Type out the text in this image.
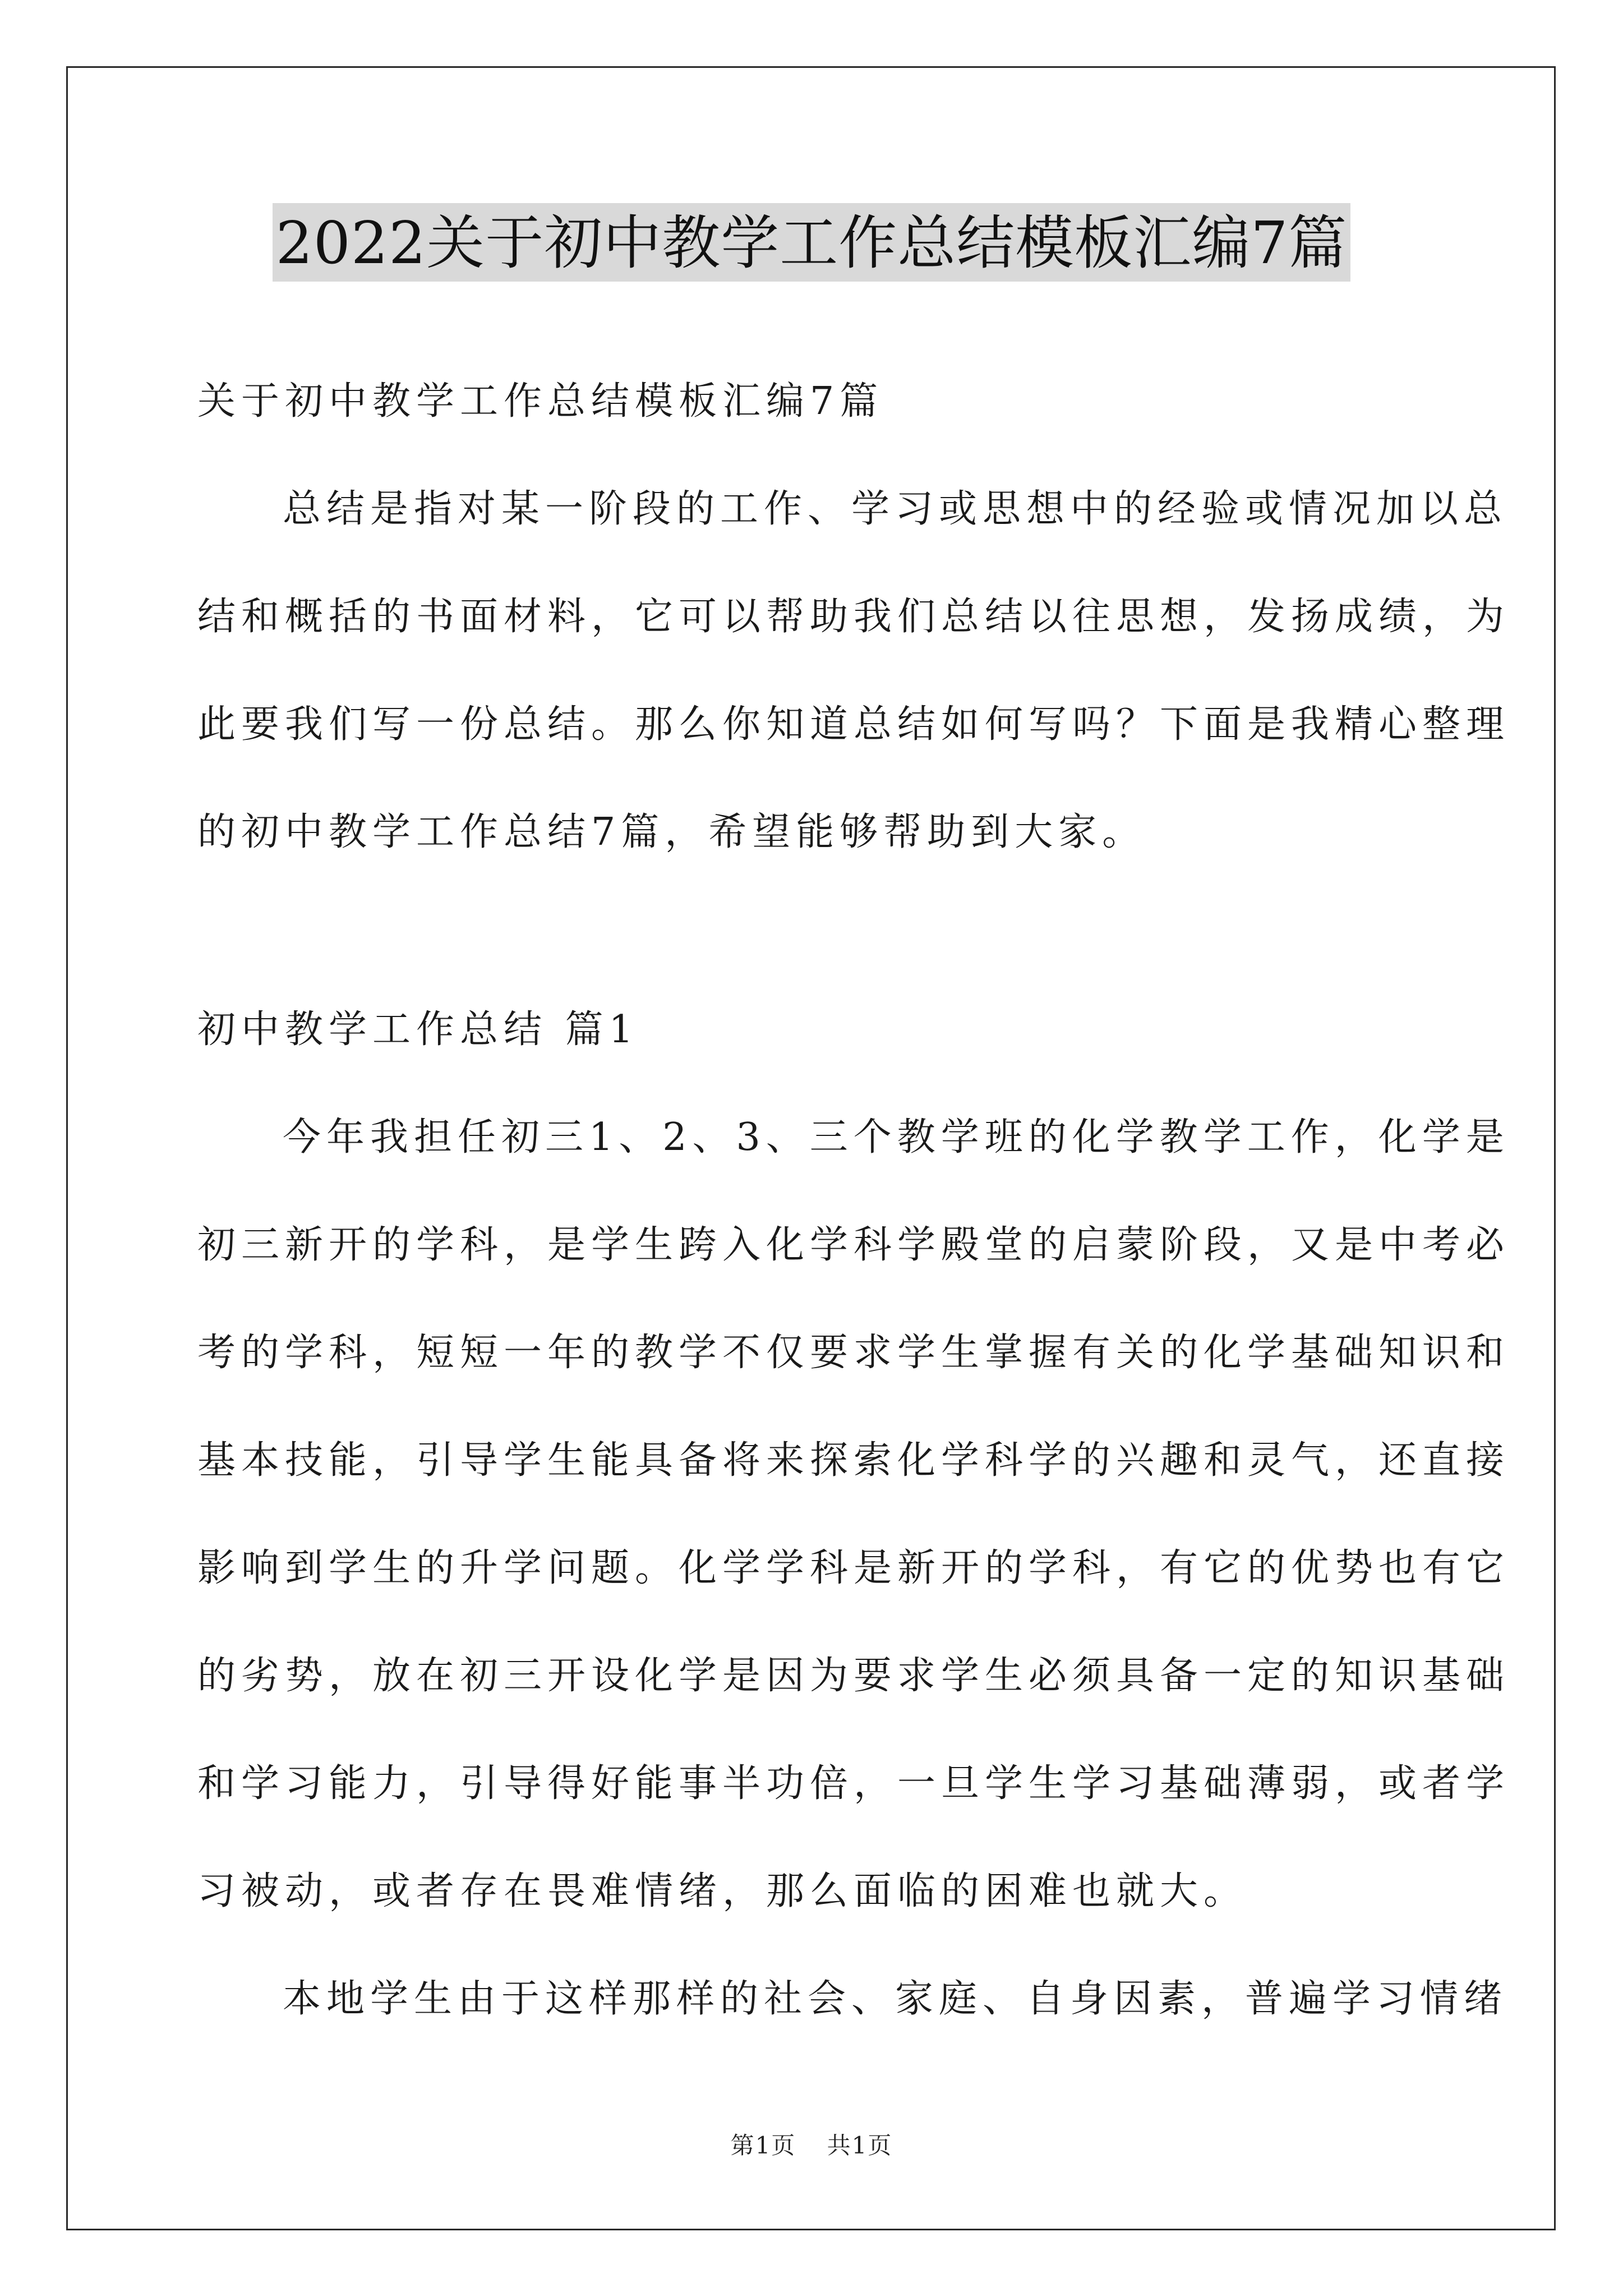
2022关于初中教学工作总结模板汇编7篇

关于初中教学工作总结模板汇编7篇

总结是指对某一阶段的工作、学习或思想中的经验或情况加以总

结和概括的书面材料，它可以帮助我们总结以往思想，发扬成绩，为

此要我们写一份总结。那么你知道总结如何写吗？下面是我精心整理

的初中教学工作总结7篇，希望能够帮助到大家。

初中教学工作总结 篇1

今年我担任初三1、2、3、三个教学班的化学教学工作，化学是

初三新开的学科，是学生跨入化学科学殿堂的启蒙阶段，又是中考必

考的学科，短短一年的教学不仅要求学生掌握有关的化学基础知识和

基本技能，引导学生能具备将来探索化学科学的兴趣和灵气，还直接

影响到学生的升学问题。化学学科是新开的学科，有它的优势也有它

的劣势，放在初三开设化学是因为要求学生必须具备一定的知识基础

和学习能力，引导得好能事半功倍，一旦学生学习基础薄弱，或者学

习被动，或者存在畏难情绪，那么面临的困难也就大。

本地学生由于这样那样的社会、家庭、自身因素，普遍学习情绪

第1页 共1页
